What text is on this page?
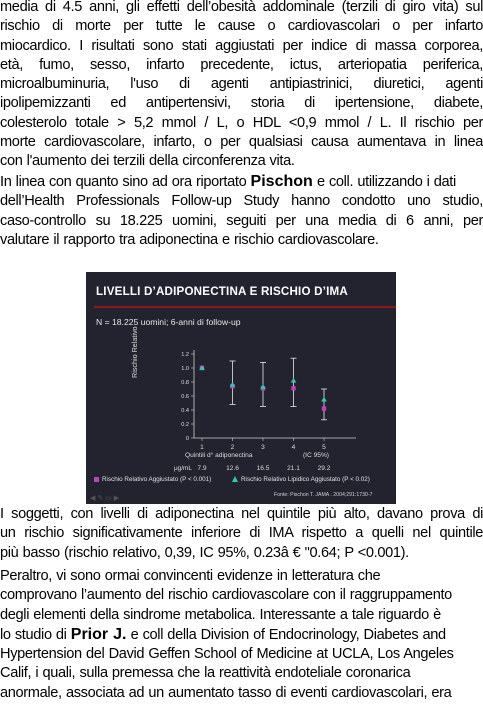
media di 4.5 anni, gli effetti dell’obesità addominale (terzili di giro vita) sul
rischio di morte per tutte le cause o cardiovascolari o per infarto
miocardico. I risultati sono stati aggiustati per indice di massa corporea,
età, fumo, sesso, infarto precedente, ictus, arteriopatia periferica,
microalbuminuria, l'uso di agenti antipiastrinici, diuretici, agenti
ipolipemizzanti ed antipertensivi, storia di ipertensione, diabete,
colesterolo totale > 5,2 mmol / L, o HDL <0,9 mmol / L. Il rischio per
morte cardiovascolare, infarto, o per qualsiasi causa aumentava in linea
con l'aumento dei terzili della circonferenza vita.
In linea con quanto sino ad ora riportato Pischon e coll. utilizzando i dati
dell’Health Professionals Follow-up Study hanno condotto uno studio,
caso-controllo su 18.225 uomini, seguiti per una media di 6 anni, per
valutare il rapporto tra adiponectina e rischio cardiovascolare.
LIVELLI D’ADIPONECTINA E RISCHIO D’IMA
N = 18.225 uomini; 6-anni di follow-up
Rischio Relativo
0
0.2
0.4
0.6
0.8
1.0
1.2
1	2	3	4	5
Quintili d° adiponectina	(IC 95%)
μg/mL 7.9	12.6	16.5	21.1	29.2
Rischio Relativo Aggiustato (P < 0.001)	Rischio Relativo Lipidico Aggiustato (P < 0.02)
Fonte: Pischon T. JAMA . 2004;291:1730-7
◀ ✎ ▭ ▶
I soggetti, con livelli di adiponectina nel quintile più alto, davano prova di
un rischio significativamente inferiore di IMA rispetto a quelli nel quintile
più basso (rischio relativo, 0,39, IC 95%, 0.23â € "0.64; P <0.001).
Peraltro, vi sono ormai convincenti evidenze in letteratura che
comprovano l’aumento del rischio cardiovascolare con il raggruppamento
degli elementi della sindrome metabolica. Interessante a tale riguardo è
lo studio di Prior J. e coll della Division of Endocrinology, Diabetes and
Hypertension del David Geffen School of Medicine at UCLA, Los Angeles
Calif, i quali, sulla premessa che la reattività endoteliale coronarica
anormale, associata ad un aumentato tasso di eventi cardiovascolari, era
